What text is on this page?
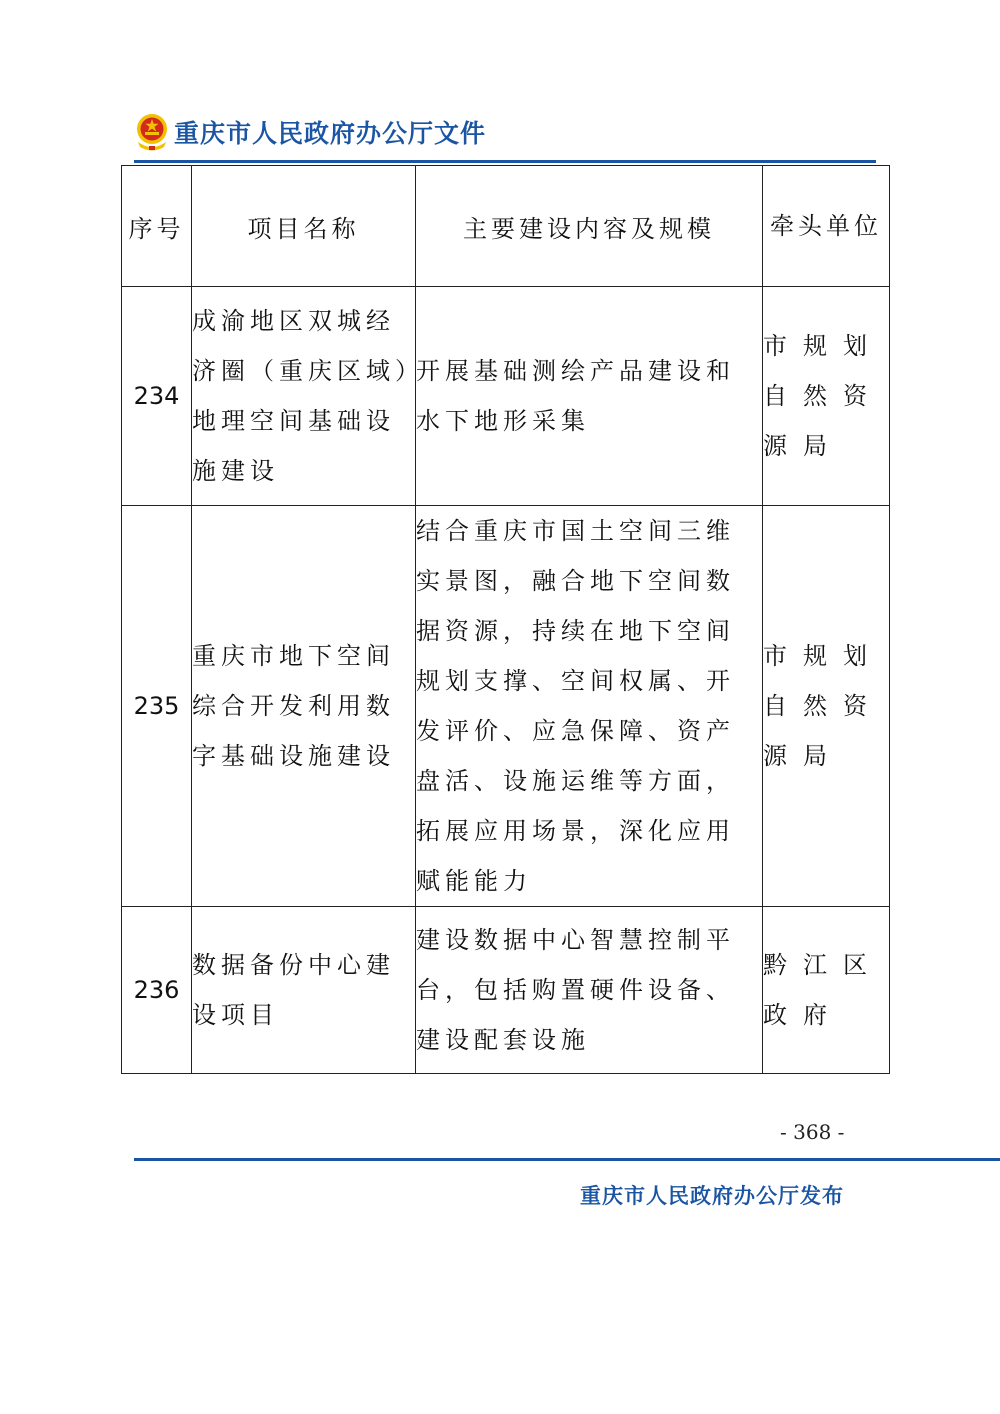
重庆市人民政府办公厅文件
序号	项目名称	主要建设内容及规模	牵头单位
234	成渝地区双城经济圈（重庆区域）地理空间基础设施建设	开展基础测绘产品建设和水下地形采集	市规划自然资源局
235	重庆市地下空间综合开发利用数字基础设施建设	结合重庆市国土空间三维实景图，融合地下空间数据资源，持续在地下空间规划支撑、空间权属、开发评价、应急保障、资产盘活、设施运维等方面，拓展应用场景，深化应用赋能能力	市规划自然资源局
236	数据备份中心建设项目	建设数据中心智慧控制平台，包括购置硬件设备、建设配套设施	黔江区政府
- 368 -
重庆市人民政府办公厅发布
